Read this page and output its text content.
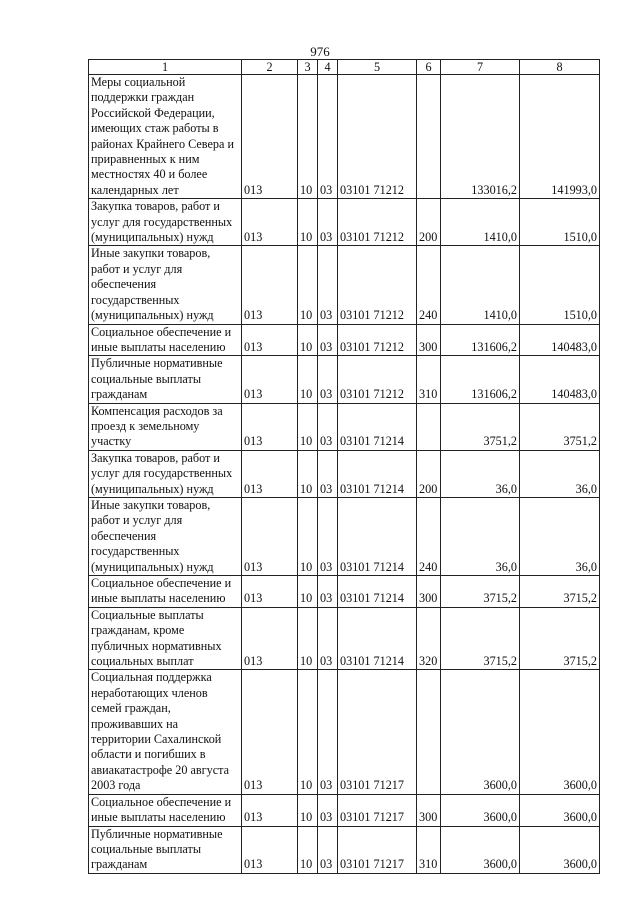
976
1	2	3	4	5	6	7	8
Меры социальной поддержки граждан Российской Федерации, имеющих стаж работы в районах Крайнего Севера и приравненных к ним местностях 40 и более календарных лет	013	10	03	03101 71212		133016,2	141993,0
Закупка товаров, работ и услуг для государственных (муниципальных) нужд	013	10	03	03101 71212	200	1410,0	1510,0
Иные закупки товаров, работ и услуг для обеспечения государственных (муниципальных) нужд	013	10	03	03101 71212	240	1410,0	1510,0
Социальное обеспечение и иные выплаты населению	013	10	03	03101 71212	300	131606,2	140483,0
Публичные нормативные социальные выплаты гражданам	013	10	03	03101 71212	310	131606,2	140483,0
Компенсация расходов за проезд к земельному участку	013	10	03	03101 71214		3751,2	3751,2
Закупка товаров, работ и услуг для государственных (муниципальных) нужд	013	10	03	03101 71214	200	36,0	36,0
Иные закупки товаров, работ и услуг для обеспечения государственных (муниципальных) нужд	013	10	03	03101 71214	240	36,0	36,0
Социальное обеспечение и иные выплаты населению	013	10	03	03101 71214	300	3715,2	3715,2
Социальные выплаты гражданам, кроме публичных нормативных социальных выплат	013	10	03	03101 71214	320	3715,2	3715,2
Социальная поддержка неработающих членов семей граждан, проживавших на территории Сахалинской области и погибших в авиакатастрофе 20 августа 2003 года	013	10	03	03101 71217		3600,0	3600,0
Социальное обеспечение и иные выплаты населению	013	10	03	03101 71217	300	3600,0	3600,0
Публичные нормативные социальные выплаты гражданам	013	10	03	03101 71217	310	3600,0	3600,0
